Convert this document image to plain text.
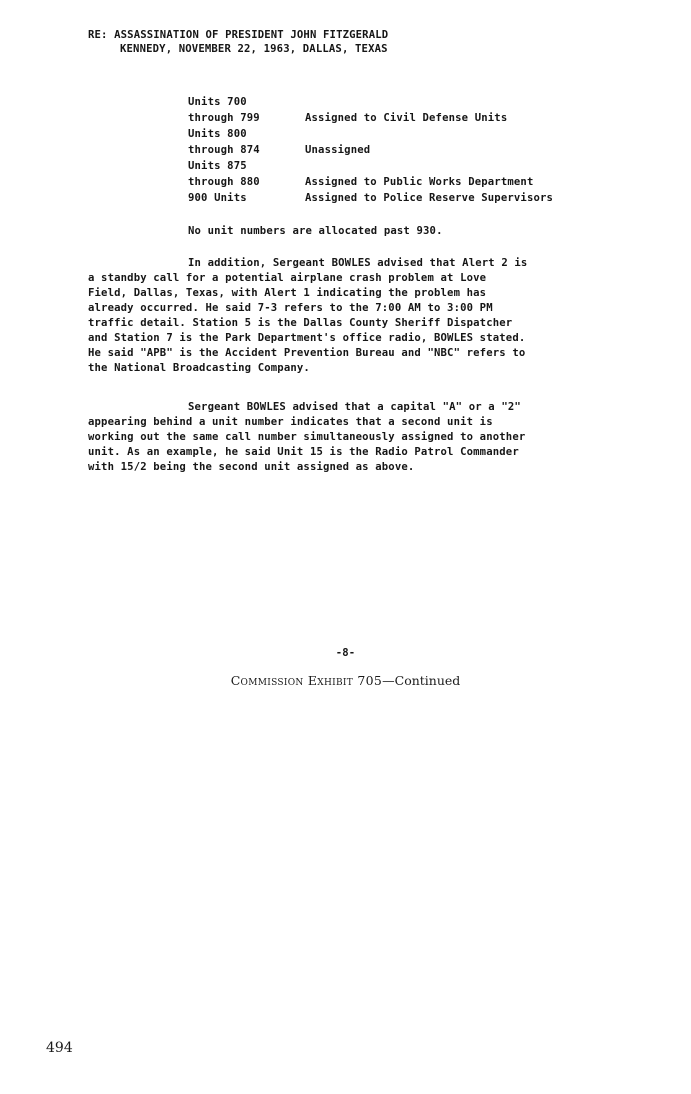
RE: ASSASSINATION OF PRESIDENT JOHN FITZGERALD
KENNEDY, NOVEMBER 22, 1963, DALLAS, TEXAS
Units 700
through 799	Assigned to Civil Defense Units
Units 800
through 874	Unassigned
Units 875
through 880	Assigned to Public Works Department
900 Units	Assigned to Police Reserve Supervisors
No unit numbers are allocated past 930.
In addition, Sergeant BOWLES advised that Alert 2 is
a standby call for a potential airplane crash problem at Love
Field, Dallas, Texas, with Alert 1 indicating the problem has
already occurred. He said 7-3 refers to the 7:00 AM to 3:00 PM
traffic detail. Station 5 is the Dallas County Sheriff Dispatcher
and Station 7 is the Park Department's office radio, BOWLES stated.
He said "APB" is the Accident Prevention Bureau and "NBC" refers to
the National Broadcasting Company.
Sergeant BOWLES advised that a capital "A" or a "2"
appearing behind a unit number indicates that a second unit is
working out the same call number simultaneously assigned to another
unit. As an example, he said Unit 15 is the Radio Patrol Commander
with 15/2 being the second unit assigned as above.
-8-
Commission Exhibit 705—Continued
494
